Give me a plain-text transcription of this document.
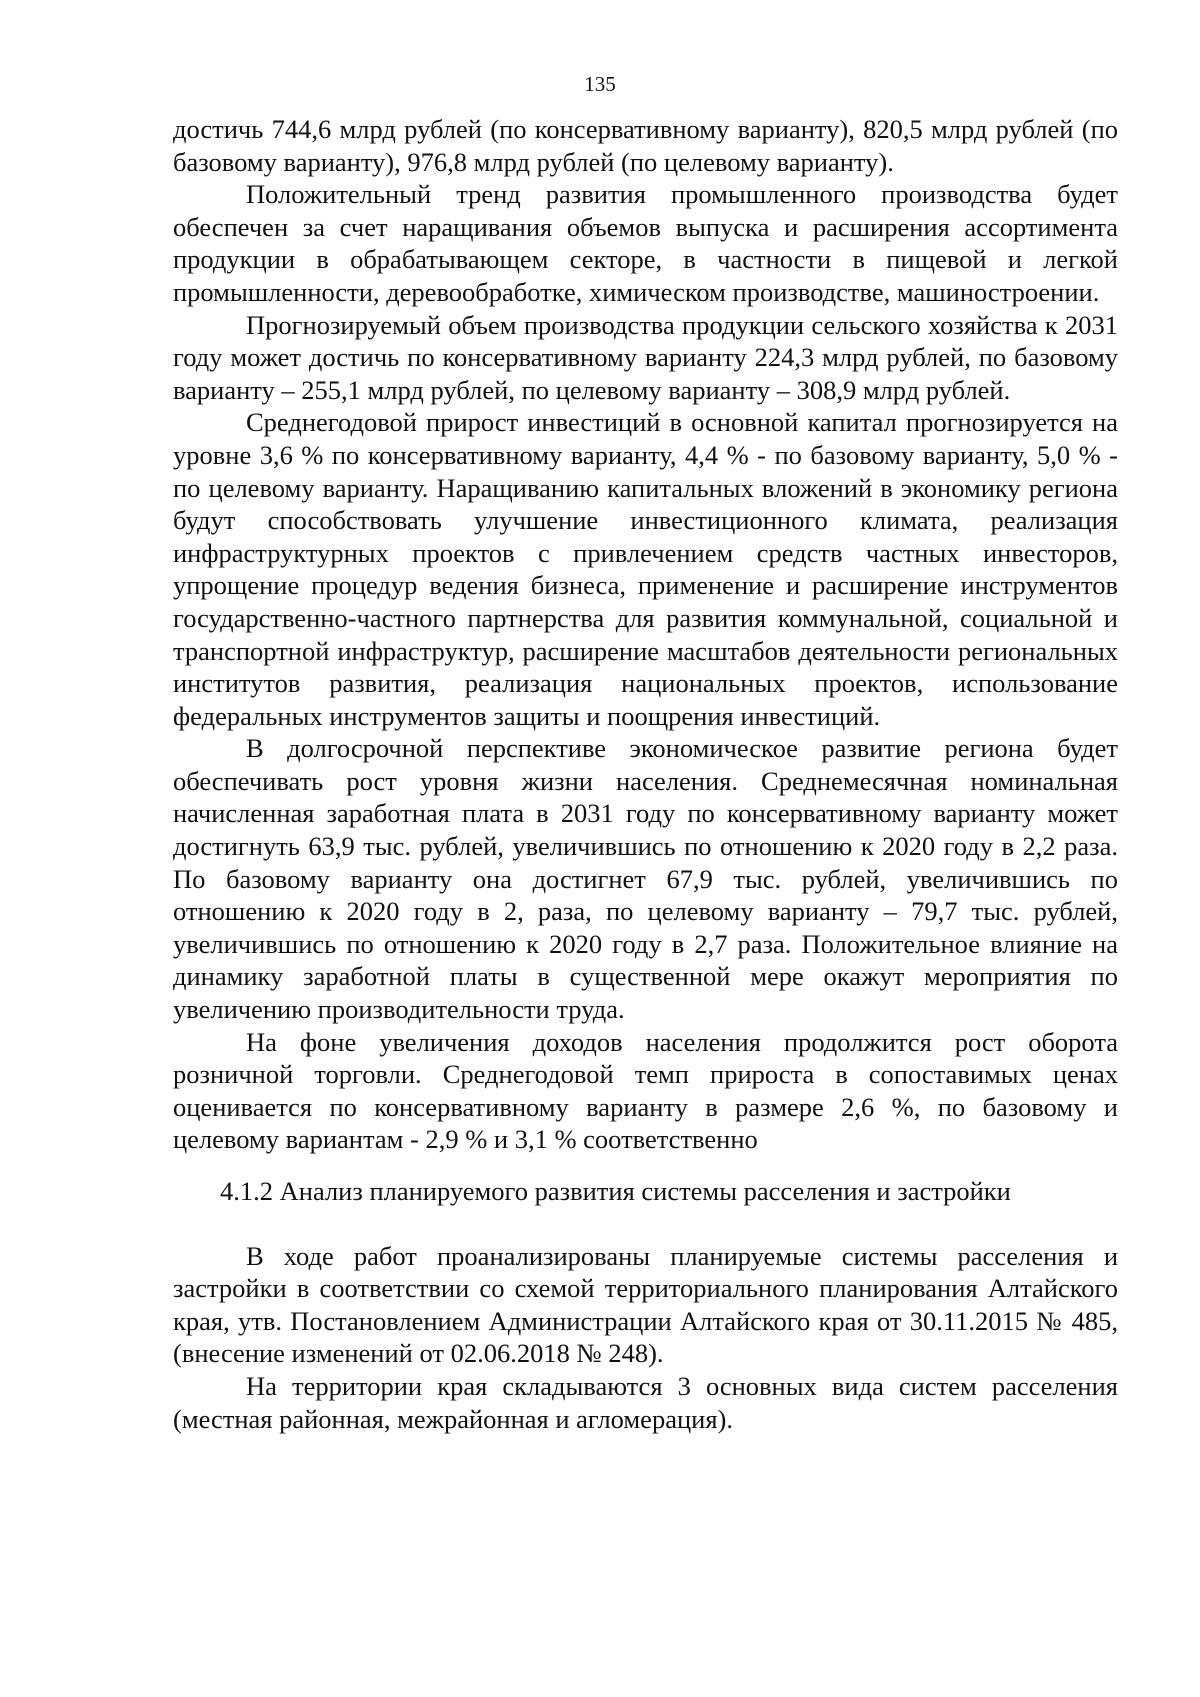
135

достичь 744,6 млрд рублей (по консервативному варианту), 820,5 млрд рублей (по базовому варианту), 976,8 млрд рублей (по целевому варианту).

Положительный тренд развития промышленного производства будет обеспечен за счет наращивания объемов выпуска и расширения ассортимента продукции в обрабатывающем секторе, в частности в пищевой и легкой промышленности, деревообработке, химическом производстве, машиностроении.

Прогнозируемый объем производства продукции сельского хозяйства к 2031 году может достичь по консервативному варианту 224,3 млрд рублей, по базовому варианту – 255,1 млрд рублей, по целевому варианту – 308,9 млрд рублей.

Среднегодовой прирост инвестиций в основной капитал прогнозируется на уровне 3,6 % по консервативному варианту, 4,4 % - по базовому варианту, 5,0 % - по целевому варианту. Наращиванию капитальных вложений в экономику региона будут способствовать улучшение инвестиционного климата, реализация инфраструктурных проектов с привлечением средств частных инвесторов, упрощение процедур ведения бизнеса, применение и расширение инструментов государственно-частного партнерства для развития коммунальной, социальной и транспортной инфраструктур, расширение масштабов деятельности региональных институтов развития, реализация национальных проектов, использование федеральных инструментов защиты и поощрения инвестиций.

В долгосрочной перспективе экономическое развитие региона будет обеспечивать рост уровня жизни населения. Среднемесячная номинальная начисленная заработная плата в 2031 году по консервативному варианту может достигнуть 63,9 тыс. рублей, увеличившись по отношению к 2020 году в 2,2 раза. По базовому варианту она достигнет 67,9 тыс. рублей, увеличившись по отношению к 2020 году в 2, раза, по целевому варианту – 79,7 тыс. рублей, увеличившись по отношению к 2020 году в 2,7 раза. Положительное влияние на динамику заработной платы в существенной мере окажут мероприятия по увеличению производительности труда.

На фоне увеличения доходов населения продолжится рост оборота розничной торговли. Среднегодовой темп прироста в сопоставимых ценах оценивается по консервативному варианту в размере 2,6 %, по базовому и целевому вариантам - 2,9 % и 3,1 % соответственно

4.1.2 Анализ планируемого развития системы расселения и застройки

В ходе работ проанализированы планируемые системы расселения и застройки в соответствии со схемой территориального планирования Алтайского края, утв. Постановлением Администрации Алтайского края от 30.11.2015 № 485, (внесение изменений от 02.06.2018 № 248).

На территории края складываются 3 основных вида систем расселения (местная районная, межрайонная и агломерация).
